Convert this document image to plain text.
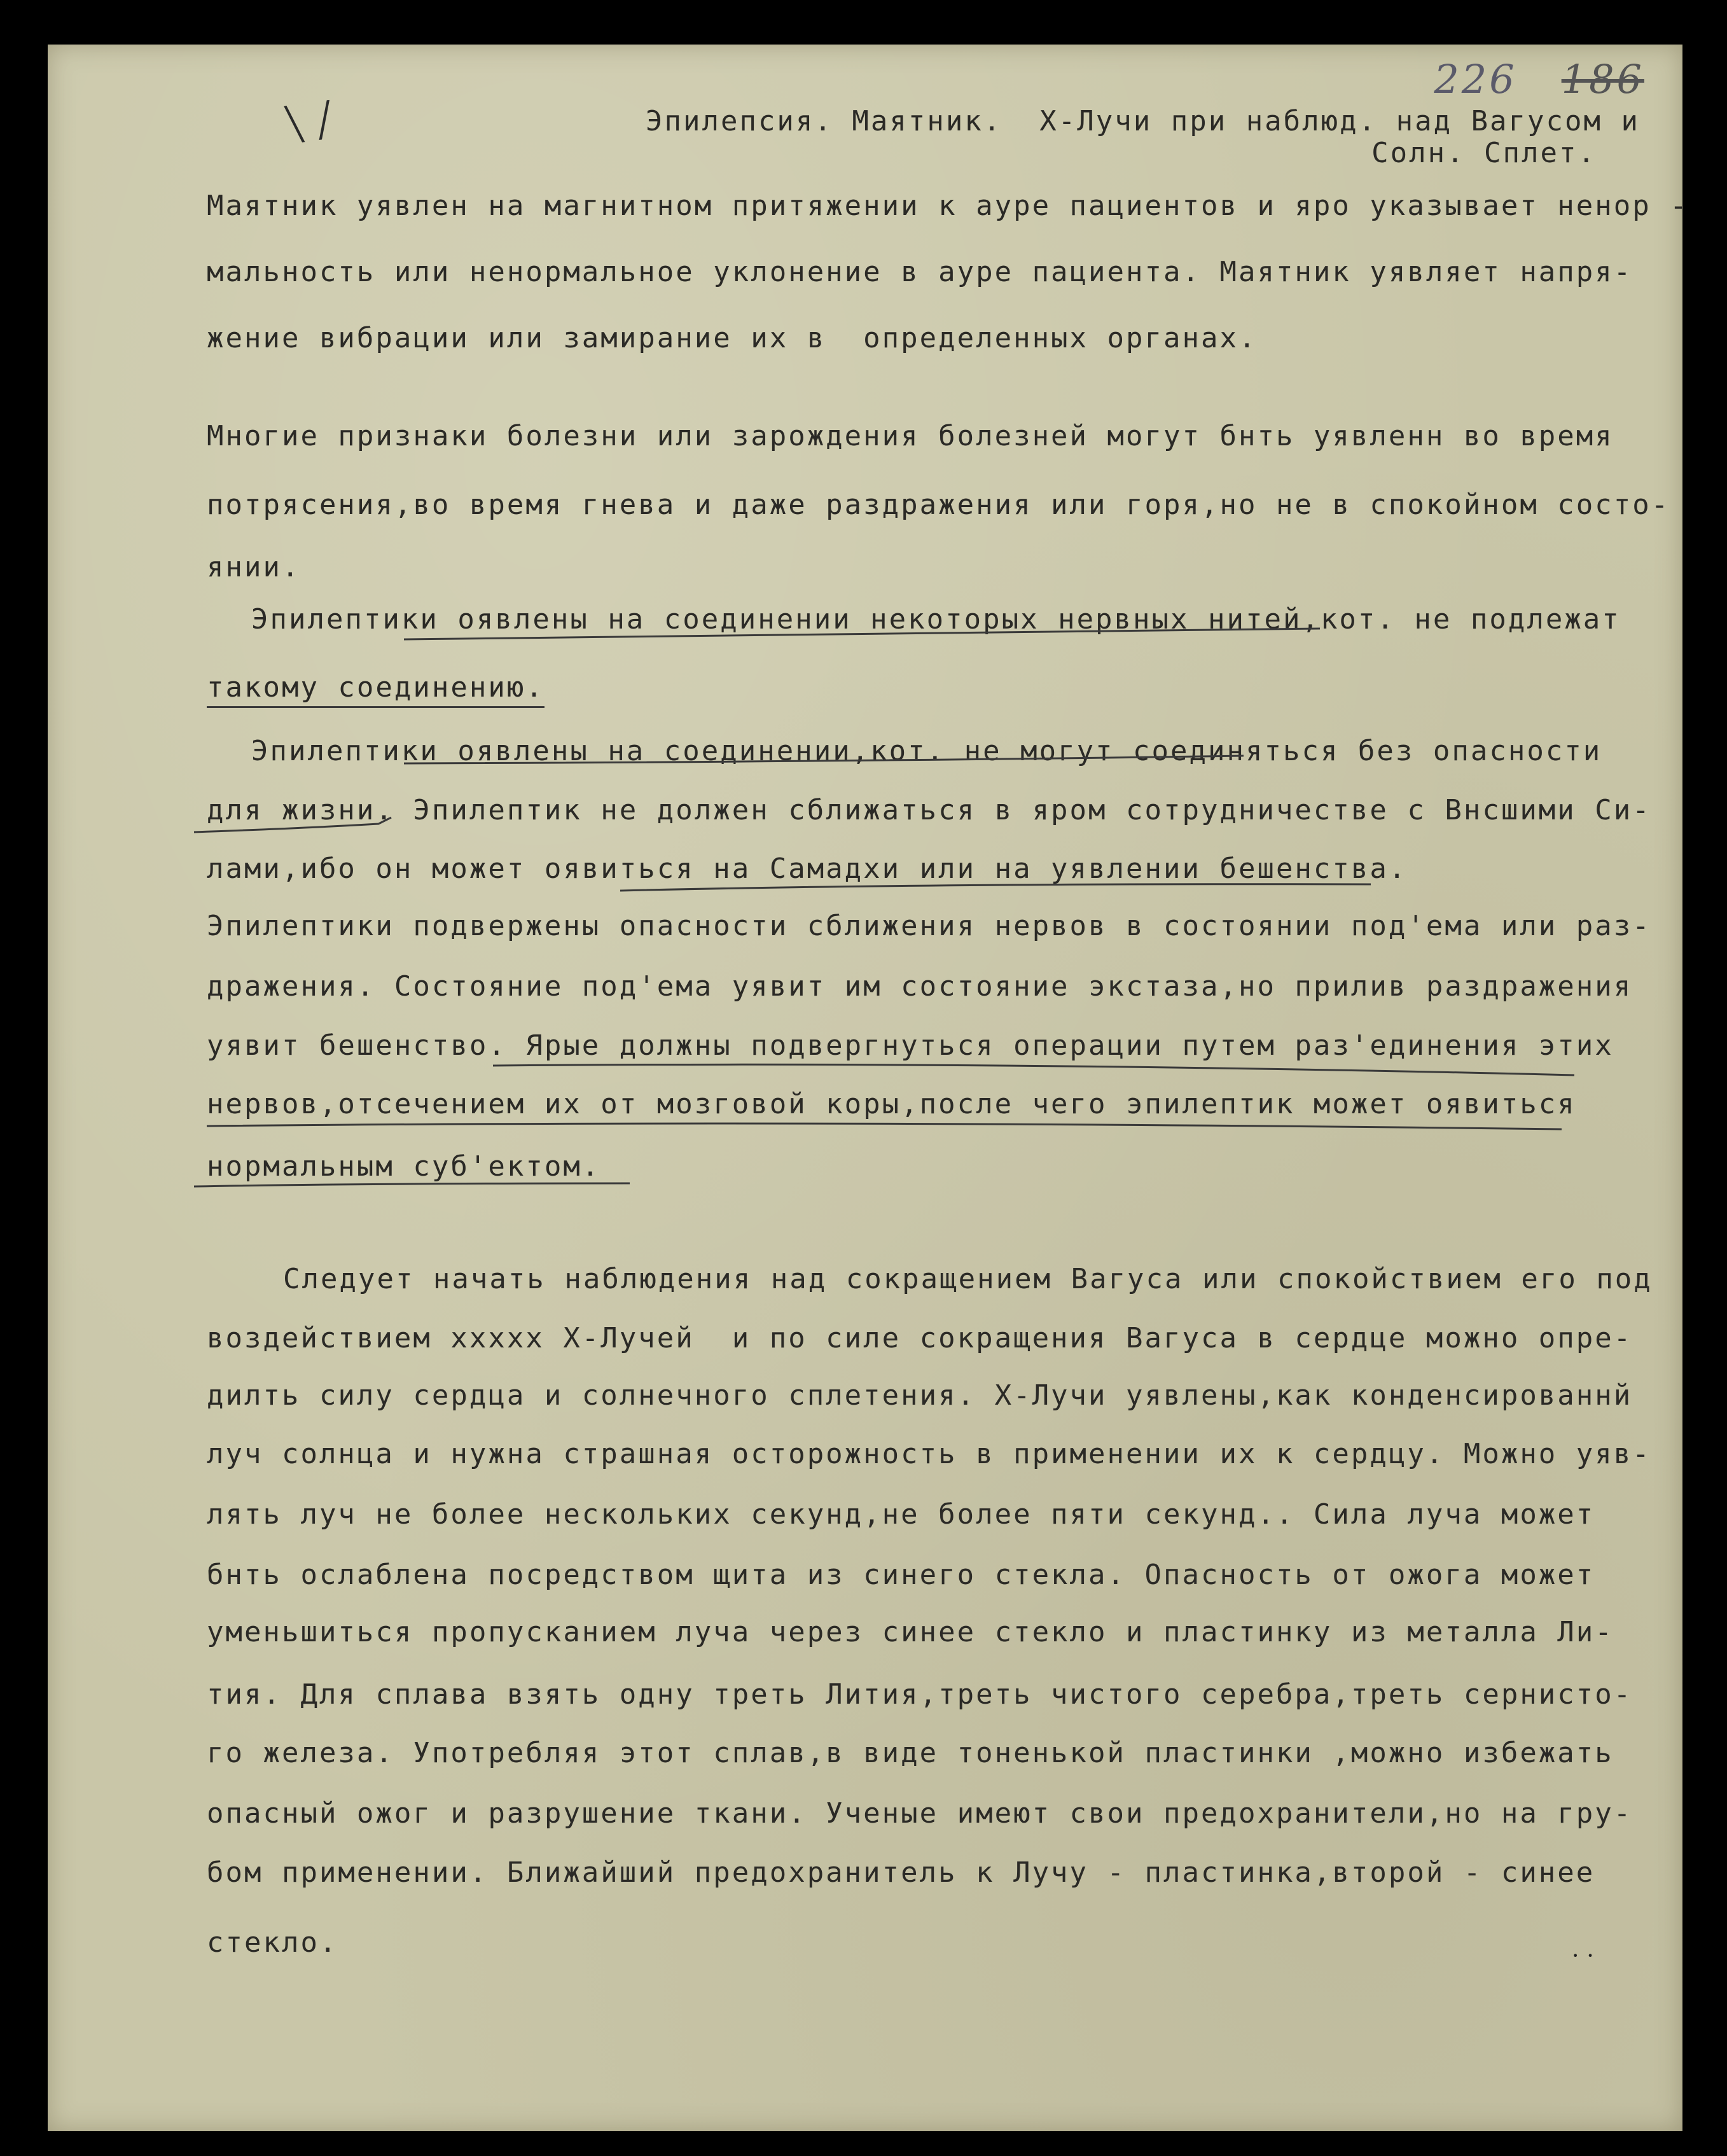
226 186
\ /	Эпилепсия. Маятник.  Х-Лучи при наблюд. над Вагусом и
Солн. Сплет.
Маятник уявлен на магнитном притяжении к ауре пациентов и яро указывает ненор -
мальность или ненормальное уклонение в ауре пациента. Маятник уявляет напря-
жение вибрации или замирание их в  определенных органах.
Многие признаки болезни или зарождения болезней могут бнть уявленн во время
потрясения,во время гнева и даже раздражения или горя,но не в спокойном состо-
янии.
Эпилептики оявлены на соединении некоторых нервных нитей,кот. не подлежат
такому соединению.
Эпилептики оявлены на соединении,кот. не могут соединяться без опасности
для жизни. Эпилептик не должен сближаться в яром сотрудничестве с Внсшими Си-
лами,ибо он может оявиться на Самадхи или на уявлении бешенства.
Эпилептики подвержены опасности сближения нервов в состоянии под'ема или раз-
дражения. Состояние под'ема уявит им состояние экстаза,но прилив раздражения
уявит бешенство. Ярые должны подвергнуться операции путем раз'единения этих
нервов,отсечением их от мозговой коры,после чего эпилептик может оявиться
нормальным суб'ектом.
Следует начать наблюдения над сокращением Вагуса или спокойствием его под
воздействием xxxxx Х-Лучей  и по силе сокращения Вагуса в сердце можно опре-
дилть силу сердца и солнечного сплетения. Х-Лучи уявлены,как конденсированнй
луч солнца и нужна страшная осторожность в применении их к сердцу. Можно уяв-
лять луч не более нескольких секунд,не более пяти секунд.. Сила луча может
бнть ослаблена посредством щита из синего стекла. Опасность от ожога может
уменьшиться пропусканием луча через синее стекло и пластинку из металла Ли-
тия. Для сплава взять одну треть Лития,треть чистого серебра,треть сернисто-
го железа. Употребляя этот сплав,в виде тоненькой пластинки ,можно избежать
опасный ожог и разрушение ткани. Ученые имеют свои предохранители,но на гру-
бом применении. Ближайший предохранитель к Лучу - пластинка,второй - синее
стекло.	· ·
